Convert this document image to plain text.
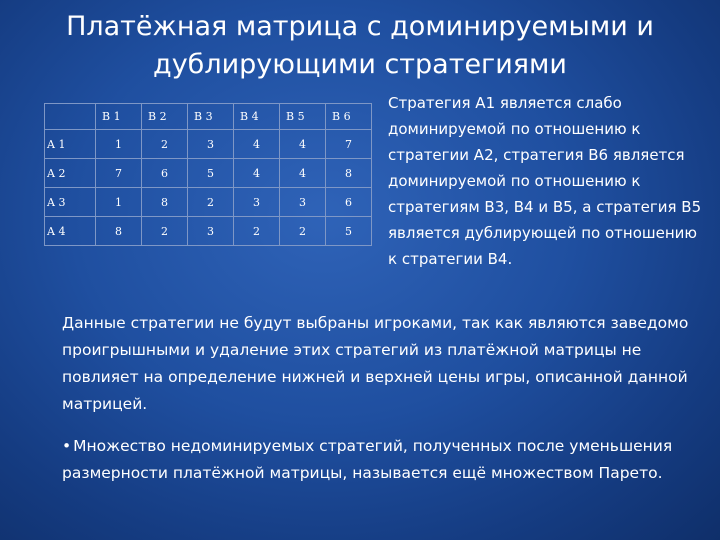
Платёжная матрица с доминируемыми и
дублирующими стратегиями
	B 1	B 2	B 3	B 4	B 5	B 6
A 1	1	2	3	4	4	7
A 2	7	6	5	4	4	8
A 3	1	8	2	3	3	6
A 4	8	2	3	2	2	5
Стратегия А1 является слабо доминируемой по отношению к стратегии А2, стратегия В6 является доминируемой по отношению к стратегиям В3, В4 и В5, а стратегия В5 является дублирующей по отношению к стратегии В4.
Данные стратегии не будут выбраны игроками, так как являются заведомо проигрышными и удаление этих стратегий из платёжной матрицы не повлияет на определение нижней и верхней цены игры, описанной данной матрицей.
• Множество недоминируемых стратегий, полученных после уменьшения размерности платёжной матрицы, называется ещё множеством Парето.
